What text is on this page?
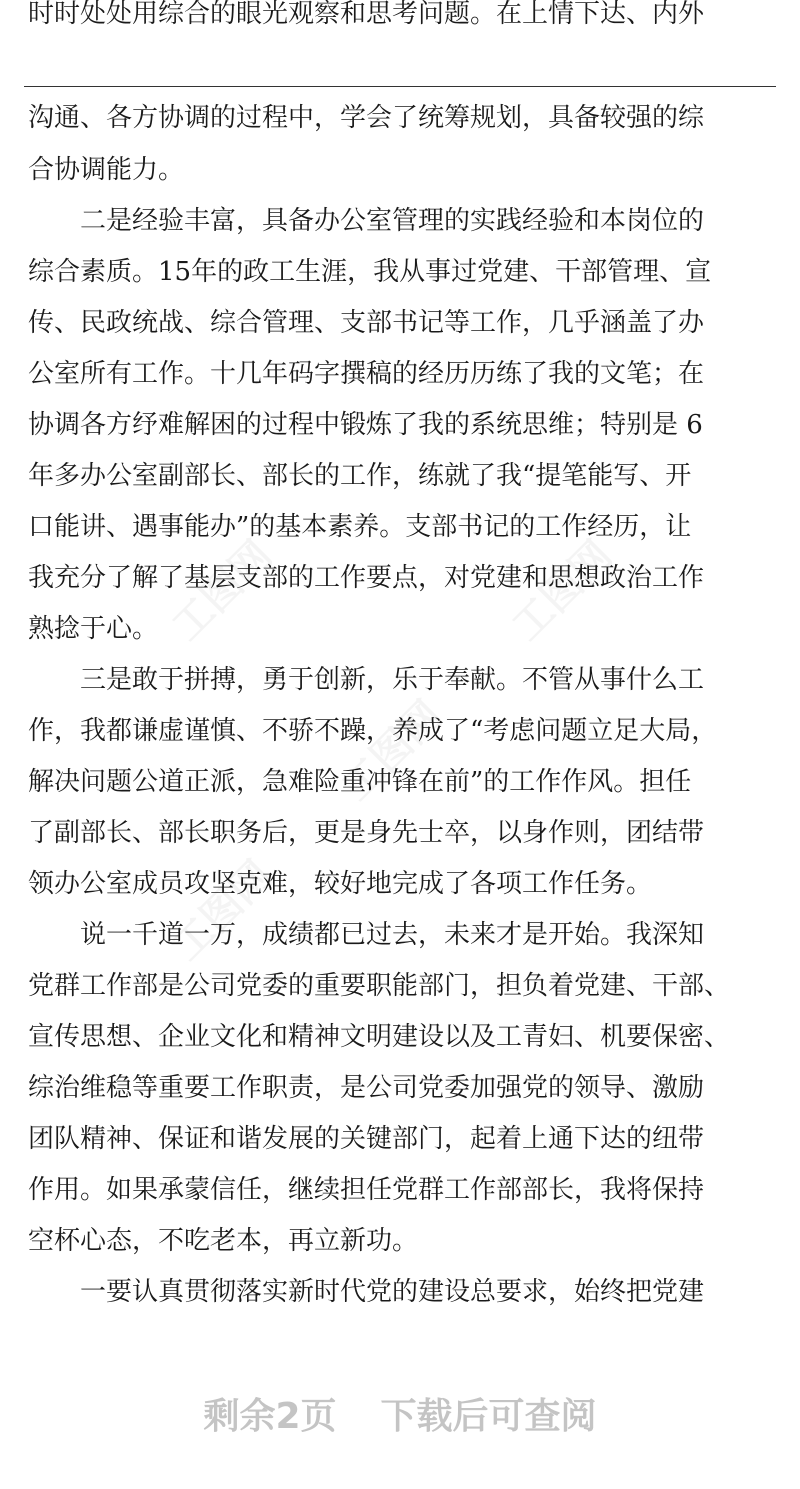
时时处处用综合的眼光观察和思考问题。在上情下达、内外
沟通、各方协调的过程中，学会了统筹规划，具备较强的综
合协调能力。
　　二是经验丰富，具备办公室管理的实践经验和本岗位的
综合素质。15年的政工生涯，我从事过党建、干部管理、宣
传、民政统战、综合管理、支部书记等工作，几乎涵盖了办
公室所有工作。十几年码字撰稿的经历历练了我的文笔；在
协调各方纾难解困的过程中锻炼了我的系统思维；特别是 6
年多办公室副部长、部长的工作，练就了我“提笔能写、开
口能讲、遇事能办”的基本素养。支部书记的工作经历，让
我充分了解了基层支部的工作要点，对党建和思想政治工作
熟捻于心。
　　三是敢于拼搏，勇于创新，乐于奉献。不管从事什么工
作，我都谦虚谨慎、不骄不躁，养成了“考虑问题立足大局，
解决问题公道正派，急难险重冲锋在前”的工作作风。担任
了副部长、部长职务后，更是身先士卒，以身作则，团结带
领办公室成员攻坚克难，较好地完成了各项工作任务。
　　说一千道一万，成绩都已过去，未来才是开始。我深知
党群工作部是公司党委的重要职能部门，担负着党建、干部、
宣传思想、企业文化和精神文明建设以及工青妇、机要保密、
综治维稳等重要工作职责，是公司党委加强党的领导、激励
团队精神、保证和谐发展的关键部门，起着上通下达的纽带
作用。如果承蒙信任，继续担任党群工作部部长，我将保持
空杯心态，不吃老本，再立新功。
　　一要认真贯彻落实新时代党的建设总要求，始终把党建
剩余2页 下载后可查阅
